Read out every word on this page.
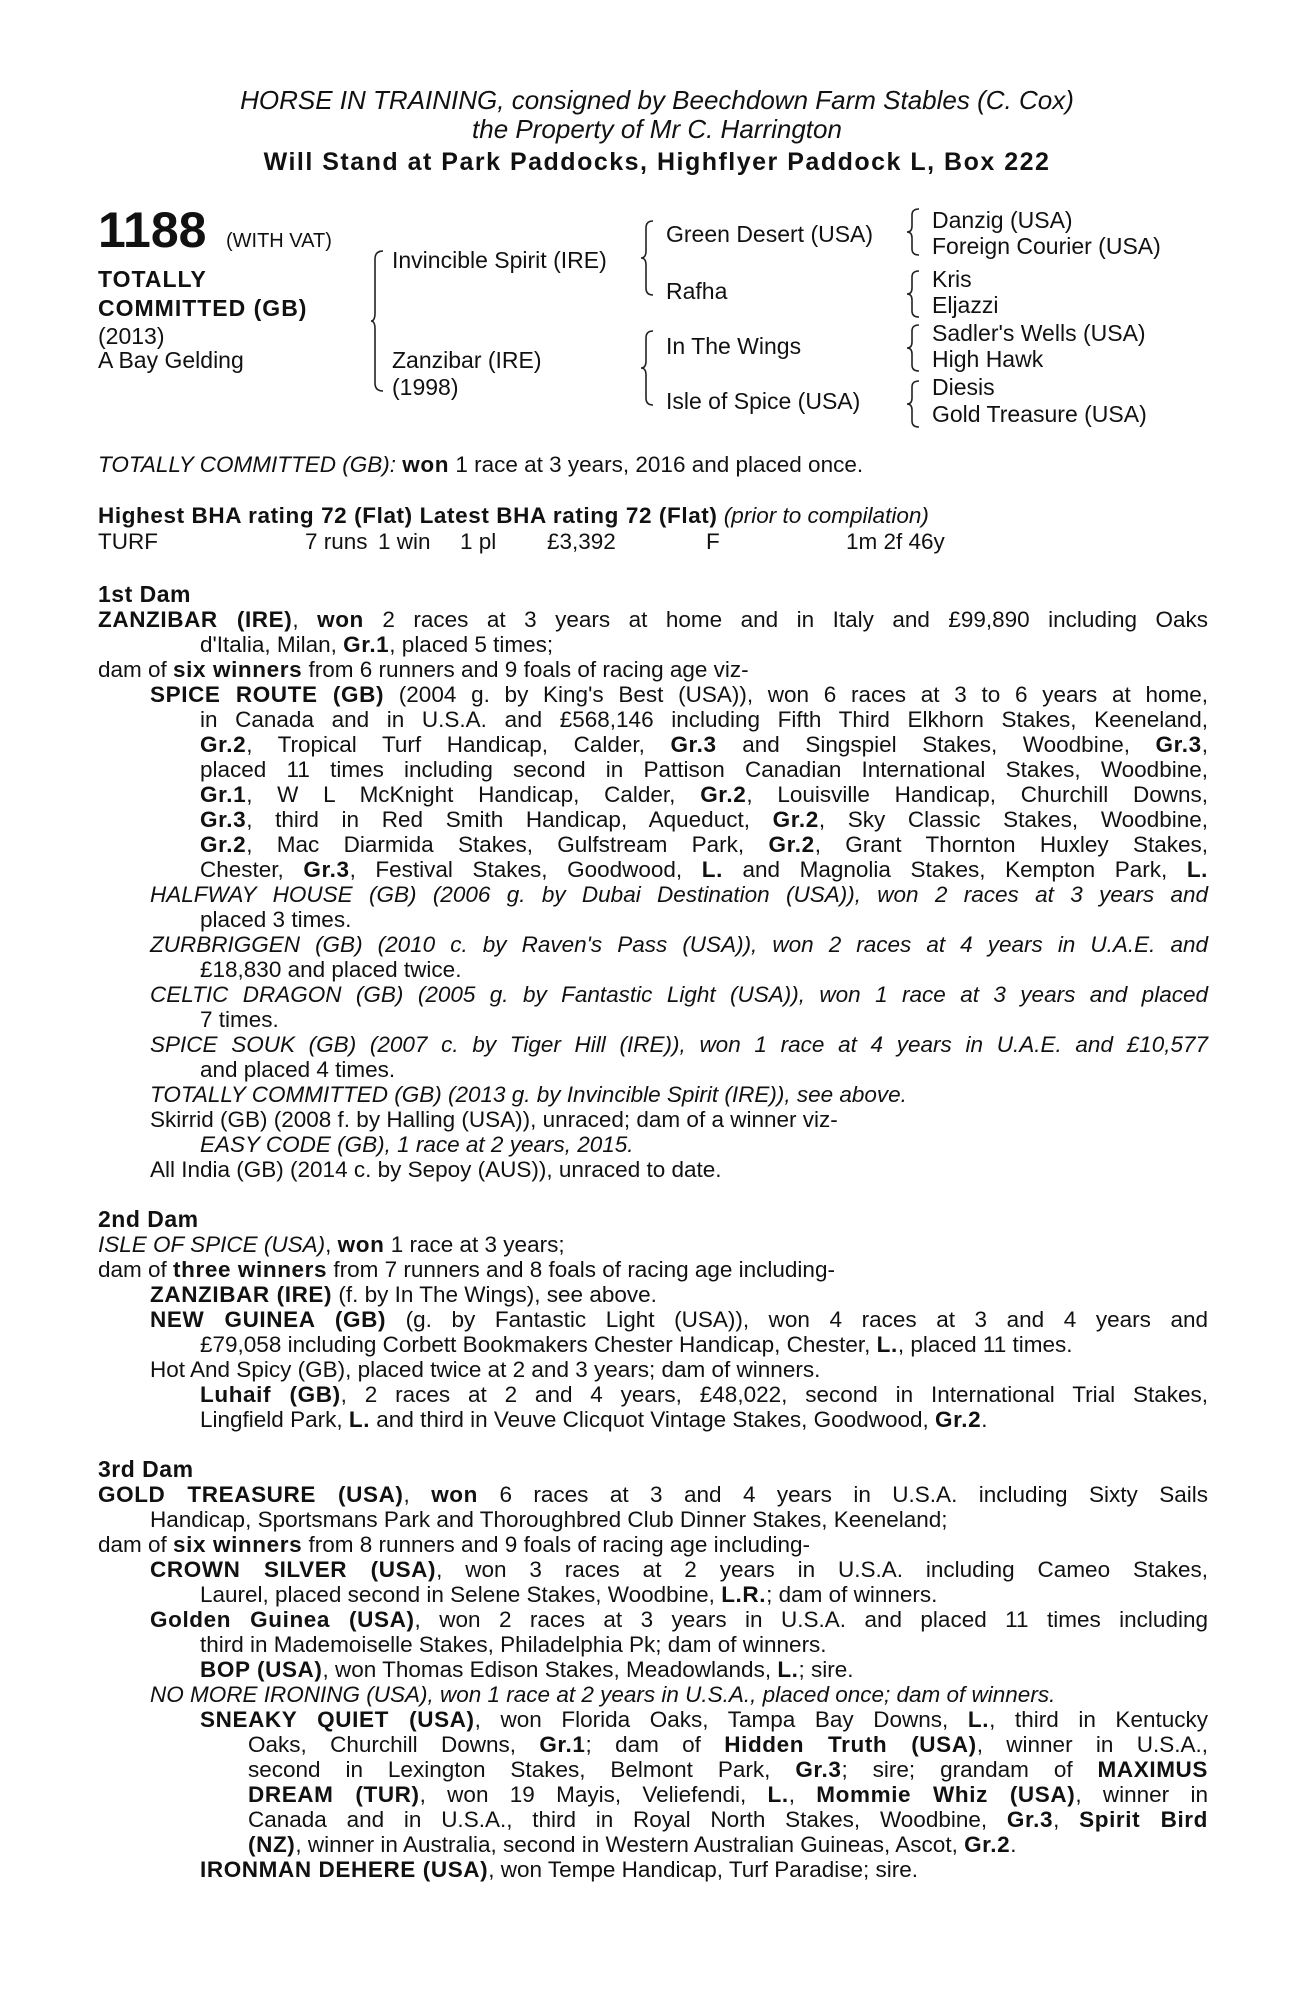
HORSE IN TRAINING, consigned by Beechdown Farm Stables (C. Cox)
the Property of Mr C. Harrington
Will Stand at Park Paddocks, Highflyer Paddock L, Box 222
1188 (WITH VAT)
TOTALLY
COMMITTED (GB)
(2013)
A Bay Gelding
Invincible Spirit (IRE)
Zanzibar (IRE)
(1998)
Green Desert (USA)
Rafha
In The Wings
Isle of Spice (USA)
Danzig (USA)
Foreign Courier (USA)
Kris
Eljazzi
Sadler's Wells (USA)
High Hawk
Diesis
Gold Treasure (USA)
TOTALLY COMMITTED (GB): won 1 race at 3 years, 2016 and placed once.
Highest BHA rating 72 (Flat) Latest BHA rating 72 (Flat) (prior to compilation)
TURF	7 runs 1 win 1 pl £3,392	F	1m 2f 46y
1st Dam
ZANZIBAR (IRE), won 2 races at 3 years at home and in Italy and £99,890 including Oaks
d'Italia, Milan, Gr.1, placed 5 times;
dam of six winners from 6 runners and 9 foals of racing age viz-
SPICE ROUTE (GB) (2004 g. by King's Best (USA)), won 6 races at 3 to 6 years at home,
in Canada and in U.S.A. and £568,146 including Fifth Third Elkhorn Stakes, Keeneland,
Gr.2, Tropical Turf Handicap, Calder, Gr.3 and Singspiel Stakes, Woodbine, Gr.3,
placed 11 times including second in Pattison Canadian International Stakes, Woodbine,
Gr.1, W L McKnight Handicap, Calder, Gr.2, Louisville Handicap, Churchill Downs,
Gr.3, third in Red Smith Handicap, Aqueduct, Gr.2, Sky Classic Stakes, Woodbine,
Gr.2, Mac Diarmida Stakes, Gulfstream Park, Gr.2, Grant Thornton Huxley Stakes,
Chester, Gr.3, Festival Stakes, Goodwood, L. and Magnolia Stakes, Kempton Park, L.
HALFWAY HOUSE (GB) (2006 g. by Dubai Destination (USA)), won 2 races at 3 years and
placed 3 times.
ZURBRIGGEN (GB) (2010 c. by Raven's Pass (USA)), won 2 races at 4 years in U.A.E. and
£18,830 and placed twice.
CELTIC DRAGON (GB) (2005 g. by Fantastic Light (USA)), won 1 race at 3 years and placed
7 times.
SPICE SOUK (GB) (2007 c. by Tiger Hill (IRE)), won 1 race at 4 years in U.A.E. and £10,577
and placed 4 times.
TOTALLY COMMITTED (GB) (2013 g. by Invincible Spirit (IRE)), see above.
Skirrid (GB) (2008 f. by Halling (USA)), unraced; dam of a winner viz-
EASY CODE (GB), 1 race at 2 years, 2015.
All India (GB) (2014 c. by Sepoy (AUS)), unraced to date.
2nd Dam
ISLE OF SPICE (USA), won 1 race at 3 years;
dam of three winners from 7 runners and 8 foals of racing age including-
ZANZIBAR (IRE) (f. by In The Wings), see above.
NEW GUINEA (GB) (g. by Fantastic Light (USA)), won 4 races at 3 and 4 years and
£79,058 including Corbett Bookmakers Chester Handicap, Chester, L., placed 11 times.
Hot And Spicy (GB), placed twice at 2 and 3 years; dam of winners.
Luhaif (GB), 2 races at 2 and 4 years, £48,022, second in International Trial Stakes,
Lingfield Park, L. and third in Veuve Clicquot Vintage Stakes, Goodwood, Gr.2.
3rd Dam
GOLD TREASURE (USA), won 6 races at 3 and 4 years in U.S.A. including Sixty Sails
Handicap, Sportsmans Park and Thoroughbred Club Dinner Stakes, Keeneland;
dam of six winners from 8 runners and 9 foals of racing age including-
CROWN SILVER (USA), won 3 races at 2 years in U.S.A. including Cameo Stakes,
Laurel, placed second in Selene Stakes, Woodbine, L.R.; dam of winners.
Golden Guinea (USA), won 2 races at 3 years in U.S.A. and placed 11 times including
third in Mademoiselle Stakes, Philadelphia Pk; dam of winners.
BOP (USA), won Thomas Edison Stakes, Meadowlands, L.; sire.
NO MORE IRONING (USA), won 1 race at 2 years in U.S.A., placed once; dam of winners.
SNEAKY QUIET (USA), won Florida Oaks, Tampa Bay Downs, L., third in Kentucky
Oaks, Churchill Downs, Gr.1; dam of Hidden Truth (USA), winner in U.S.A.,
second in Lexington Stakes, Belmont Park, Gr.3; sire; grandam of MAXIMUS
DREAM (TUR), won 19 Mayis, Veliefendi, L., Mommie Whiz (USA), winner in
Canada and in U.S.A., third in Royal North Stakes, Woodbine, Gr.3, Spirit Bird
(NZ), winner in Australia, second in Western Australian Guineas, Ascot, Gr.2.
IRONMAN DEHERE (USA), won Tempe Handicap, Turf Paradise; sire.
